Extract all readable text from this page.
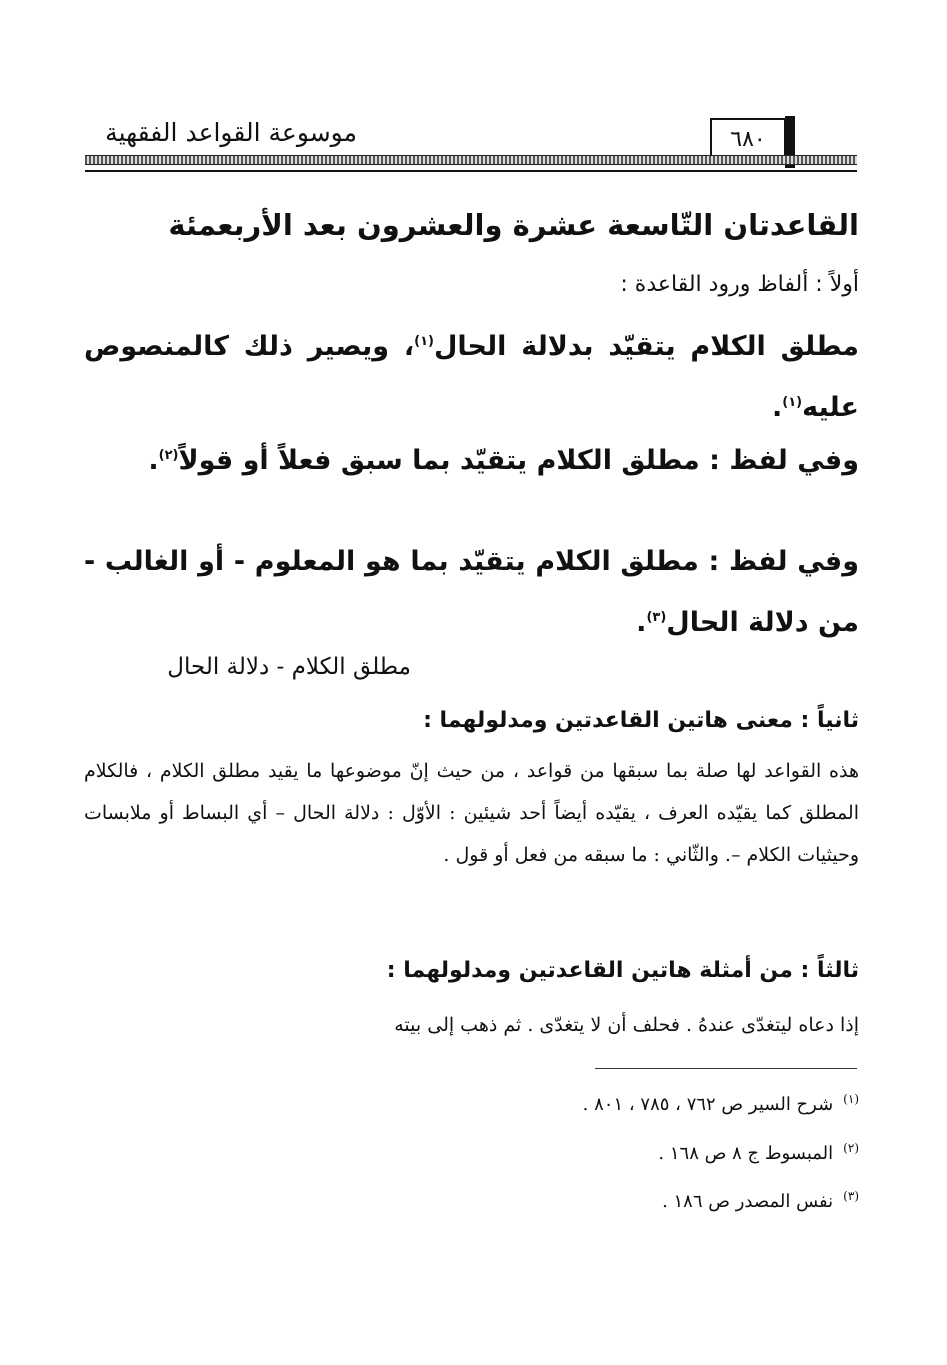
موسوعة القواعد الفقهية	٦٨٠
القاعدتان التّاسعة عشرة والعشرون بعد الأربعمئة
أولاً : ألفاظ ورود القاعدة :
مطلق الكلام يتقيّد بدلالة الحال$^{(١)}$، ويصير ذلك كالمنصوص عليه$^{(١)}$.
وفي لفظ : مطلق الكلام يتقيّد بما سبق فعلاً أو قولاً$^{(٢)}$.
وفي لفظ : مطلق الكلام يتقيّد بما هو المعلوم - أو الغالب - من دلالة الحال$^{(٣)}$.
مطلق الكلام - دلالة الحال
ثانياً : معنى هاتين القاعدتين ومدلولهما :
هذه القواعد لها صلة بما سبقها من قواعد ، من حيث إنّ موضوعها ما يقيد مطلق الكلام ، فالكلام المطلق كما يقيّده العرف ، يقيّده أيضاً أحد شيئين : الأوّل : دلالة الحال – أي البساط أو ملابسات وحيثيات الكلام –. والثّاني : ما سبقه من فعل أو قول .
ثالثاً : من أمثلة هاتين القاعدتين ومدلولهما :
إذا دعاه ليتغدّى عندهُ . فحلف أن لا يتغدّى . ثم ذهب إلى بيته
$^{(١)}$شرح السير ص ٧٦٢ ، ٧٨٥ ، ٨٠١ .
$^{(٢)}$المبسوط ج ٨ ص ١٦٨ .
$^{(٣)}$نفس المصدر ص ١٨٦ .
